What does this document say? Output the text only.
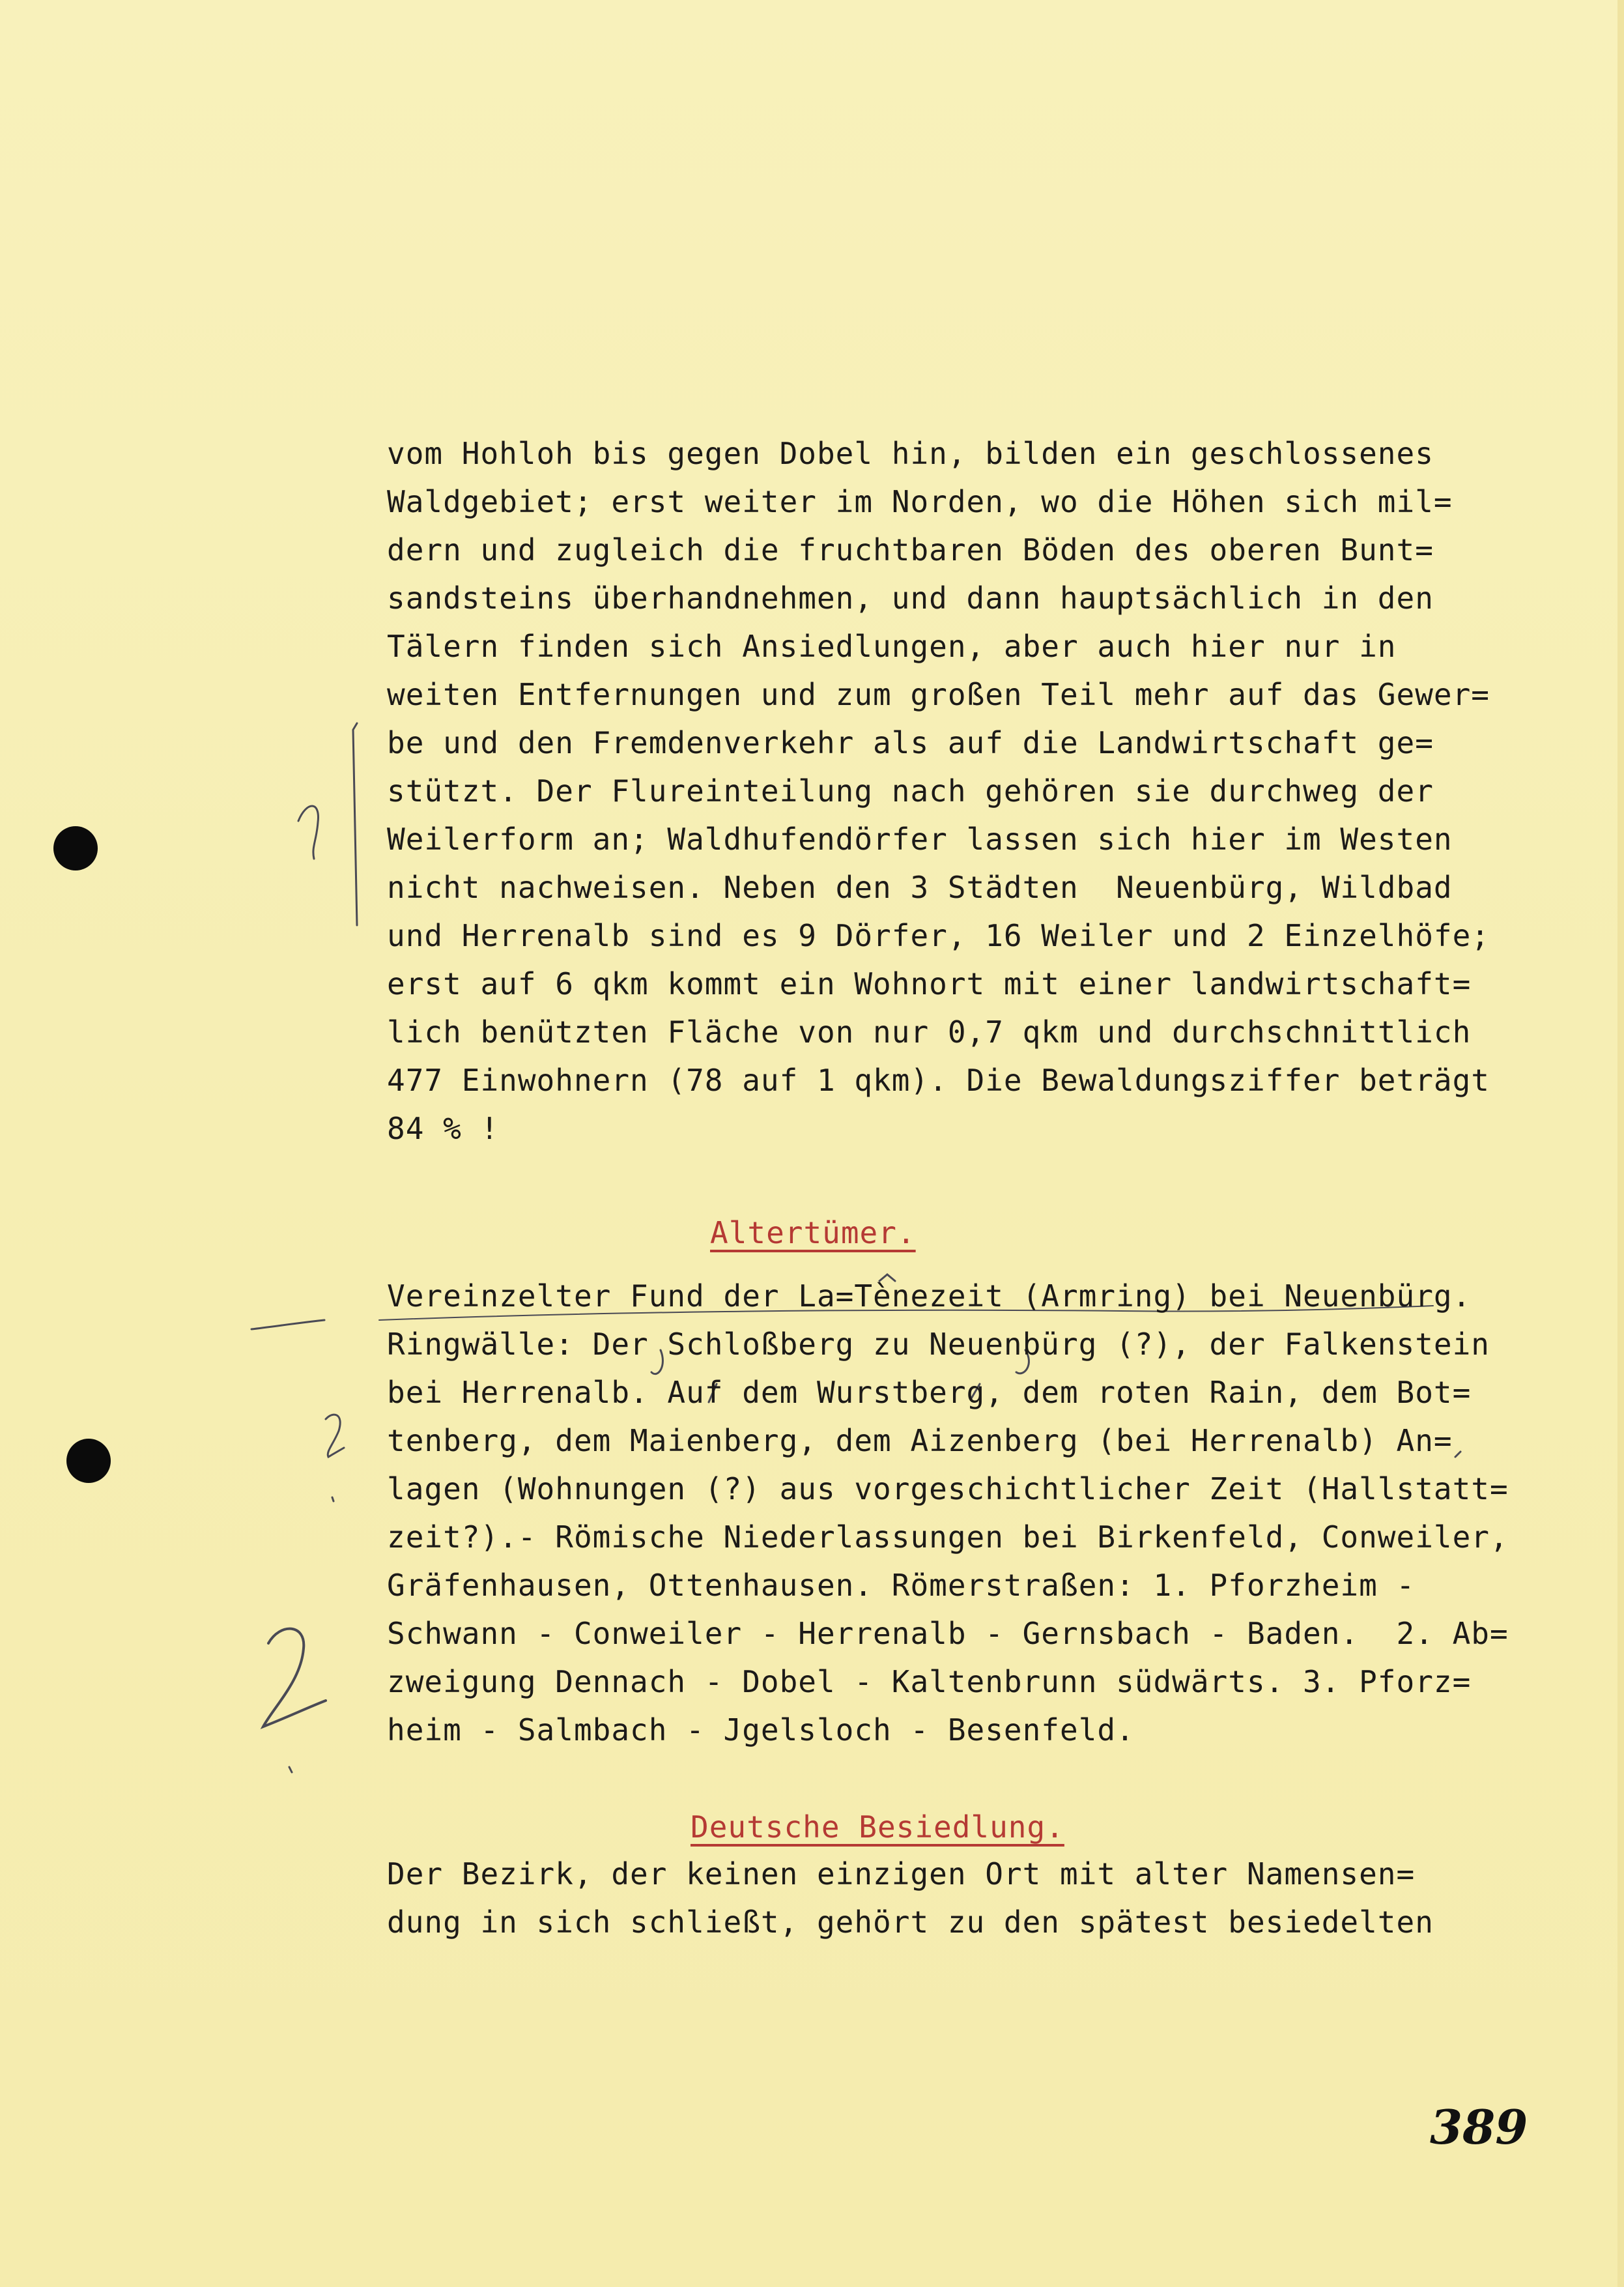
vom Hohloh bis gegen Dobel hin, bilden ein geschlossenes
Waldgebiet; erst weiter im Norden, wo die Höhen sich mil=
dern und zugleich die fruchtbaren Böden des oberen Bunt=
sandsteins überhandnehmen, und dann hauptsächlich in den
Tälern finden sich Ansiedlungen, aber auch hier nur in
weiten Entfernungen und zum großen Teil mehr auf das Gewer=
be und den Fremdenverkehr als auf die Landwirtschaft ge=
stützt. Der Flureinteilung nach gehören sie durchweg der
Weilerform an; Waldhufendörfer lassen sich hier im Westen
nicht nachweisen. Neben den 3 Städten  Neuenbürg, Wildbad
und Herrenalb sind es 9 Dörfer, 16 Weiler und 2 Einzelhöfe;
erst auf 6 qkm kommt ein Wohnort mit einer landwirtschaft=
lich benützten Fläche von nur 0,7 qkm und durchschnittlich
477 Einwohnern (78 auf 1 qkm). Die Bewaldungsziffer beträgt
84 % !
Altertümer.
Vereinzelter Fund der La=Tènezeit (Armring) bei Neuenbürg.
Ringwälle: Der Schloßberg zu Neuenbürg (?), der Falkenstein
bei Herrenalb. Auf dem Wurstberg, dem roten Rain, dem Bot=
tenberg, dem Maienberg, dem Aizenberg (bei Herrenalb) An=
lagen (Wohnungen (?) aus vorgeschichtlicher Zeit (Hallstatt=
zeit?).- Römische Niederlassungen bei Birkenfeld, Conweiler,
Gräfenhausen, Ottenhausen. Römerstraßen: 1. Pforzheim -
Schwann - Conweiler - Herrenalb - Gernsbach - Baden.  2. Ab=
zweigung Dennach - Dobel - Kaltenbrunn südwärts. 3. Pforz=
heim - Salmbach - Jgelsloch - Besenfeld.
Deutsche Besiedlung.
Der Bezirk, der keinen einzigen Ort mit alter Namensen=
dung in sich schließt, gehört zu den spätest besiedelten
389
